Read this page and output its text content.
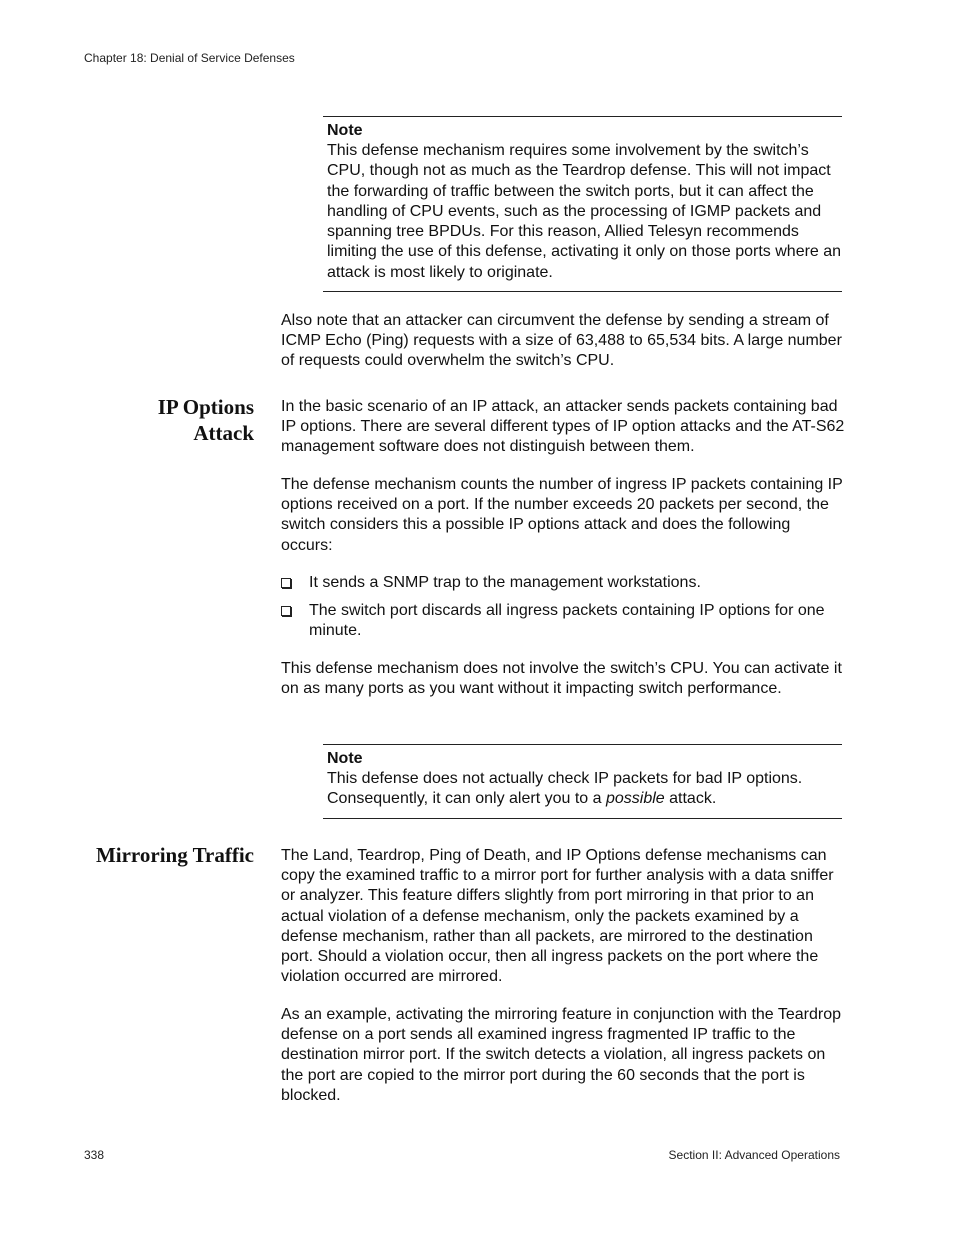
Chapter 18: Denial of Service Defenses
Note
This defense mechanism requires some involvement by the switch’s CPU, though not as much as the Teardrop defense. This will not impact the forwarding of traffic between the switch ports, but it can affect the handling of CPU events, such as the processing of IGMP packets and spanning tree BPDUs. For this reason, Allied Telesyn recommends limiting the use of this defense, activating it only on those ports where an attack is most likely to originate.

Also note that an attacker can circumvent the defense by sending a stream of ICMP Echo (Ping) requests with a size of 63,488 to 65,534 bits. A large number of requests could overwhelm the switch’s CPU.

IP Options
Attack

In the basic scenario of an IP attack, an attacker sends packets containing bad IP options. There are several different types of IP option attacks and the AT-S62 management software does not distinguish between them.

The defense mechanism counts the number of ingress IP packets containing IP options received on a port. If the number exceeds 20 packets per second, the switch considers this a possible IP options attack and does the following occurs:

It sends a SNMP trap to the management workstations.
The switch port discards all ingress packets containing IP options for one minute.

This defense mechanism does not involve the switch’s CPU. You can activate it on as many ports as you want without it impacting switch performance.

Note
This defense does not actually check IP packets for bad IP options. Consequently, it can only alert you to a possible attack.
Mirroring Traffic The Land, Teardrop, Ping of Death, and IP Options defense mechanisms can copy the examined traffic to a mirror port for further analysis with a data sniffer or analyzer. This feature differs slightly from port mirroring in that prior to an actual violation of a defense mechanism, only the packets examined by a defense mechanism, rather than all packets, are mirrored to the destination port. Should a violation occur, then all ingress packets on the port where the violation occurred are mirrored.

As an example, activating the mirroring feature in conjunction with the Teardrop defense on a port sends all examined ingress fragmented IP traffic to the destination mirror port. If the switch detects a violation, all ingress packets on the port are copied to the mirror port during the 60 seconds that the port is blocked.

338	Section II: Advanced Operations
